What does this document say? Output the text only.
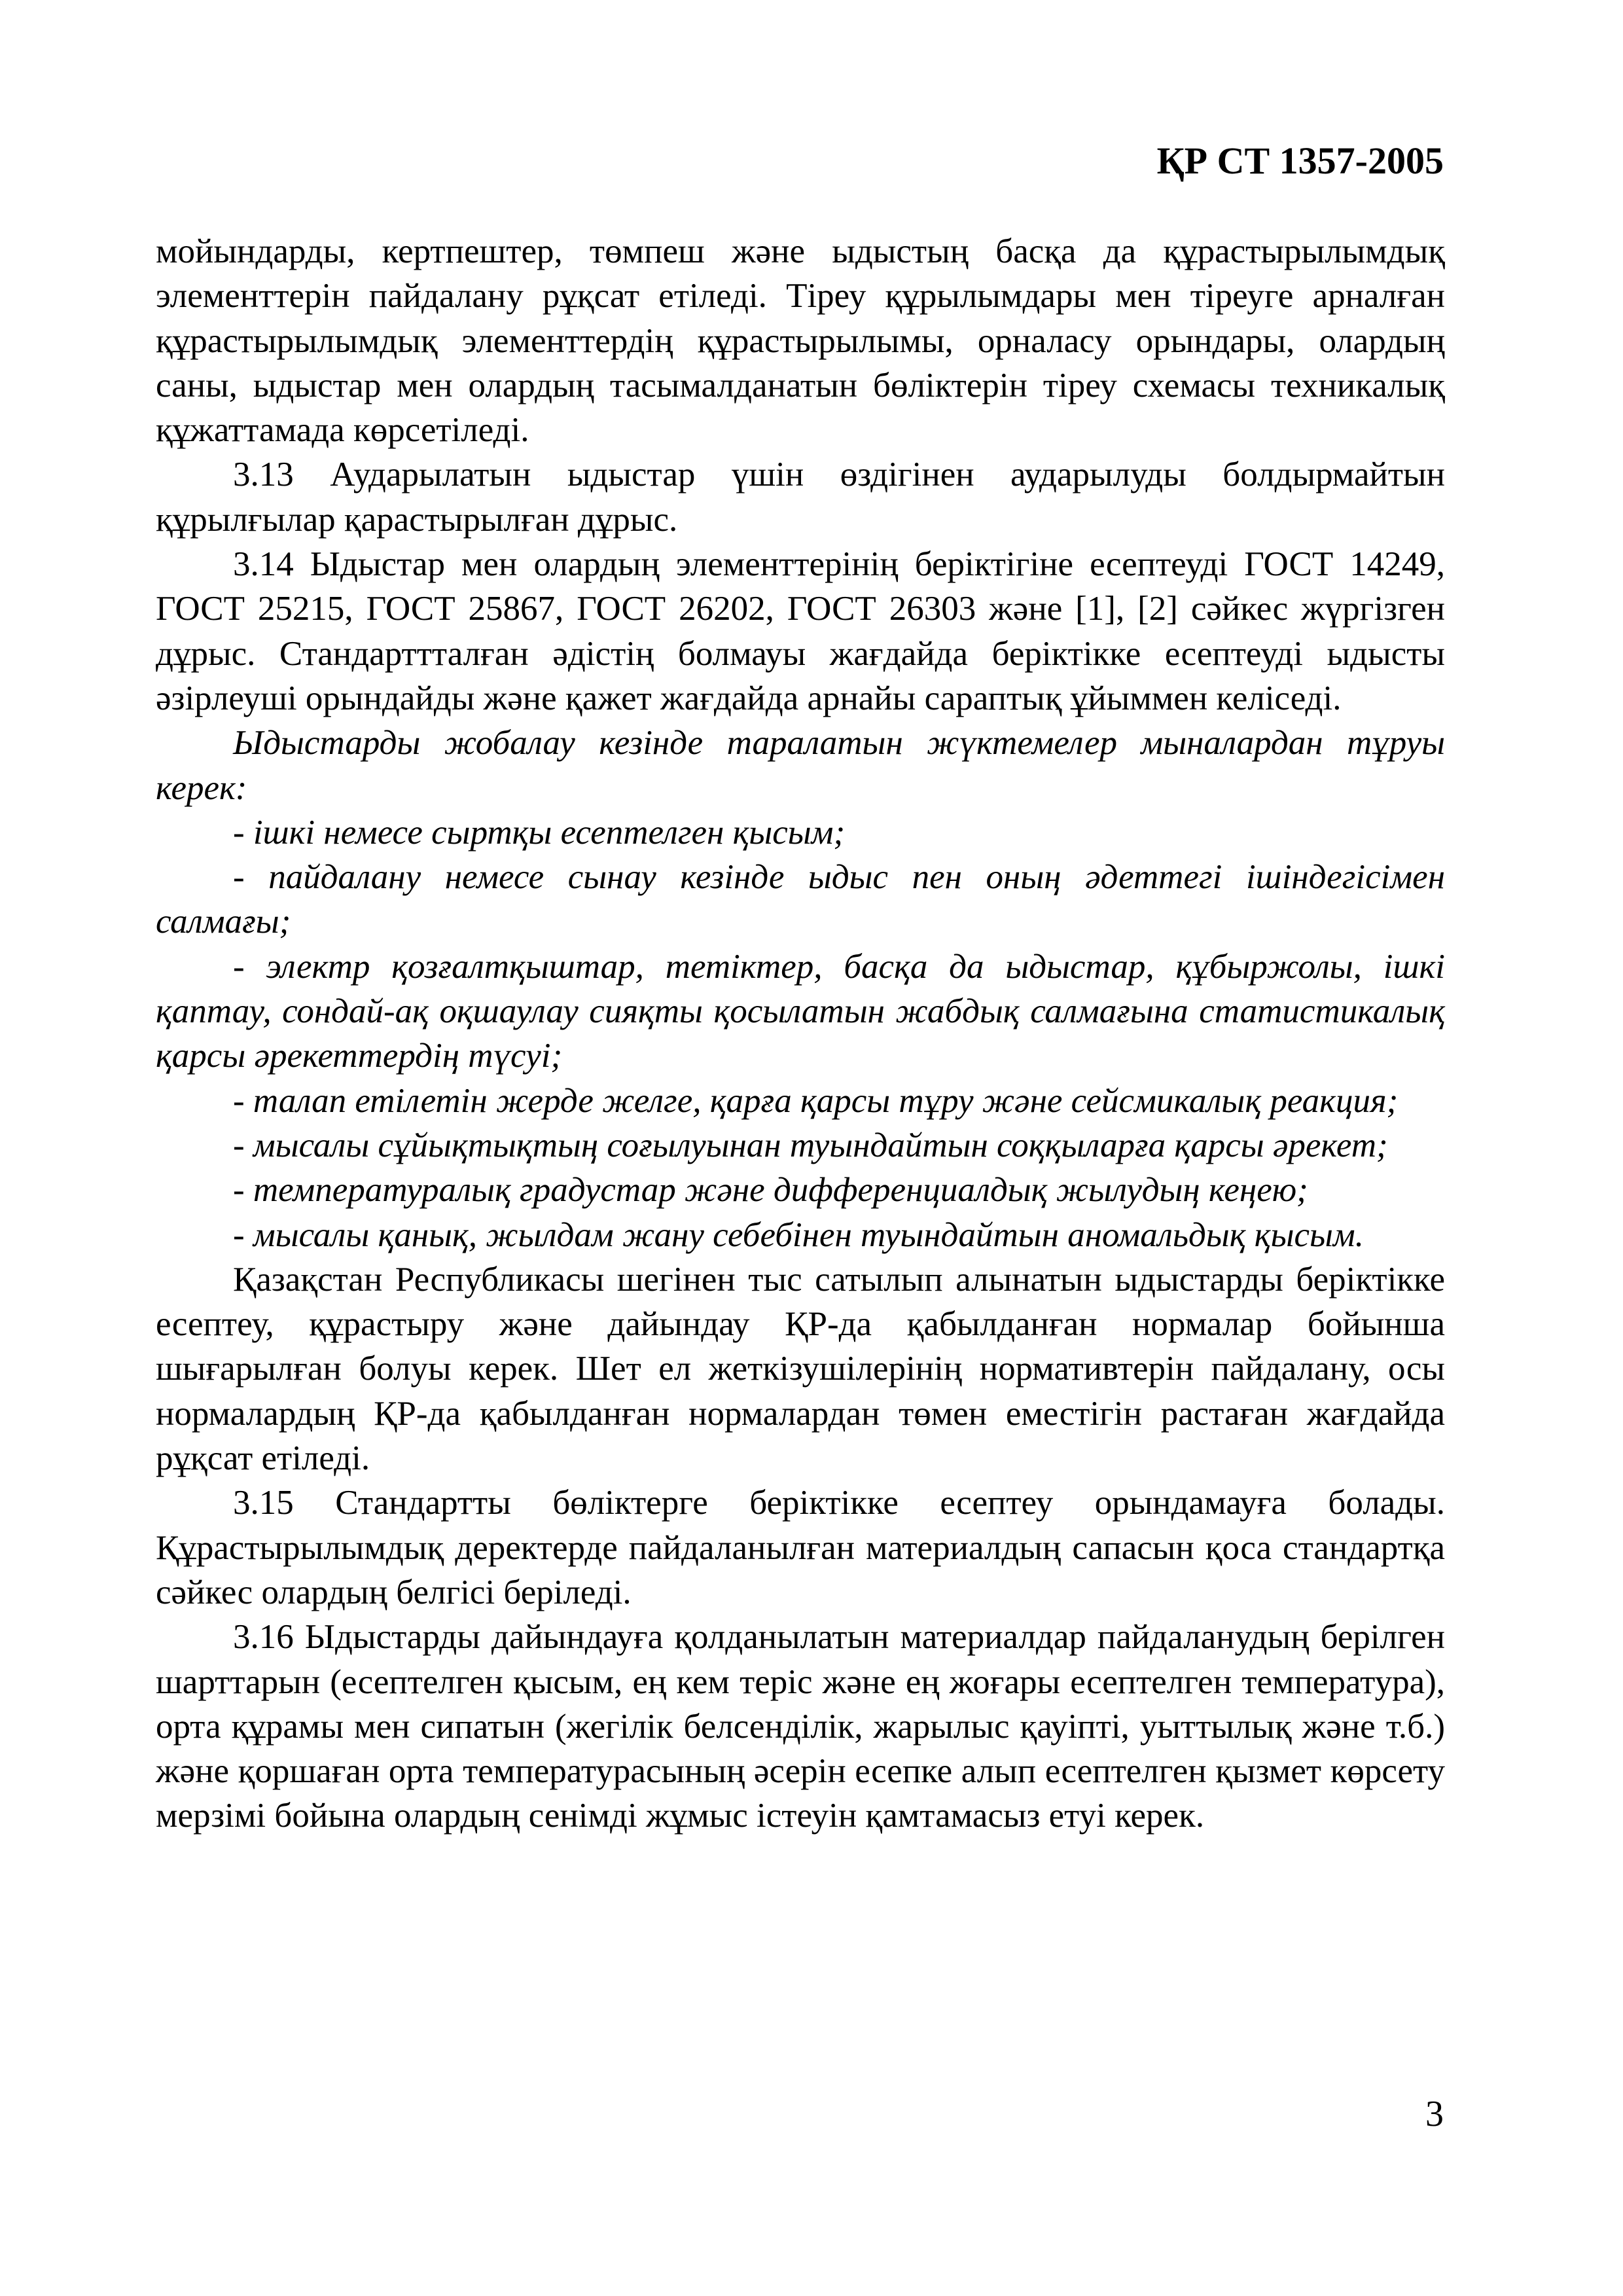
ҚР СТ 1357-2005

мойындарды, кертпештер, төмпеш және ыдыстың басқа да құрастырылымдық элементтерін пайдалану рұқсат етіледі. Тіреу құрылымдары мен тіреуге арналған құрастырылымдық элементтердің құрастырылымы, орналасу орындары, олардың саны, ыдыстар мен олардың тасымалданатын бөліктерін тіреу схемасы техникалық құжаттамада көрсетіледі.

3.13 Аударылатын ыдыстар үшін өздігінен аударылуды болдырмайтын құрылғылар қарастырылған дұрыс.

3.14 Ыдыстар мен олардың элементтерінің беріктігіне есептеуді ГОСТ 14249, ГОСТ 25215, ГОСТ 25867, ГОСТ 26202, ГОСТ 26303 және [1], [2] сәйкес жүргізген дұрыс. Стандарттталған әдістің болмауы жағдайда беріктікке есептеуді ыдысты әзірлеуші орындайды және қажет жағдайда арнайы сараптық ұйыммен келіседі.

Ыдыстарды жобалау кезінде таралатын жүктемелер мыналардан тұруы керек:

- ішкі немесе сыртқы есептелген қысым;

- пайдалану немесе сынау кезінде ыдыс пен оның әдеттегі ішіндегісімен салмағы;

- электр қозғалтқыштар, тетіктер, басқа да ыдыстар, құбыржолы, ішкі қаптау, сондай-ақ оқшаулау сияқты қосылатын жабдық салмағына статистикалық қарсы әрекеттердің түсуі;

- талап етілетін жерде желге, қарға қарсы тұру және сейсмикалық реакция;

- мысалы сұйықтықтың соғылуынан туындайтын соққыларға қарсы әрекет;

- температуралық градустар және дифференциалдық жылудың кеңею;

- мысалы қанық, жылдам жану себебінен туындайтын аномальдық қысым.

Қазақстан Республикасы шегінен тыс сатылып алынатын ыдыстарды беріктікке есептеу, құрастыру және дайындау ҚР-да қабылданған нормалар бойынша шығарылған болуы керек. Шет ел жеткізушілерінің нормативтерін пайдалану, осы нормалардың ҚР-да қабылданған нормалардан төмен еместігін растаған жағдайда рұқсат етіледі.

3.15 Стандартты бөліктерге беріктікке есептеу орындамауға болады. Құрастырылымдық деректерде пайдаланылған материалдың сапасын қоса стандартқа сәйкес олардың белгісі беріледі.

3.16 Ыдыстарды дайындауға қолданылатын материалдар пайдаланудың берілген шарттарын (есептелген қысым, ең кем теріс және ең жоғары есептелген температура), орта құрамы мен сипатын (жегілік белсенділік, жарылыс қауіпті, уыттылық және т.б.) және қоршаған орта температурасының әсерін есепке алып есептелген қызмет көрсету мерзімі бойына олардың сенімді жұмыс істеуін қамтамасыз етуі керек.

3
